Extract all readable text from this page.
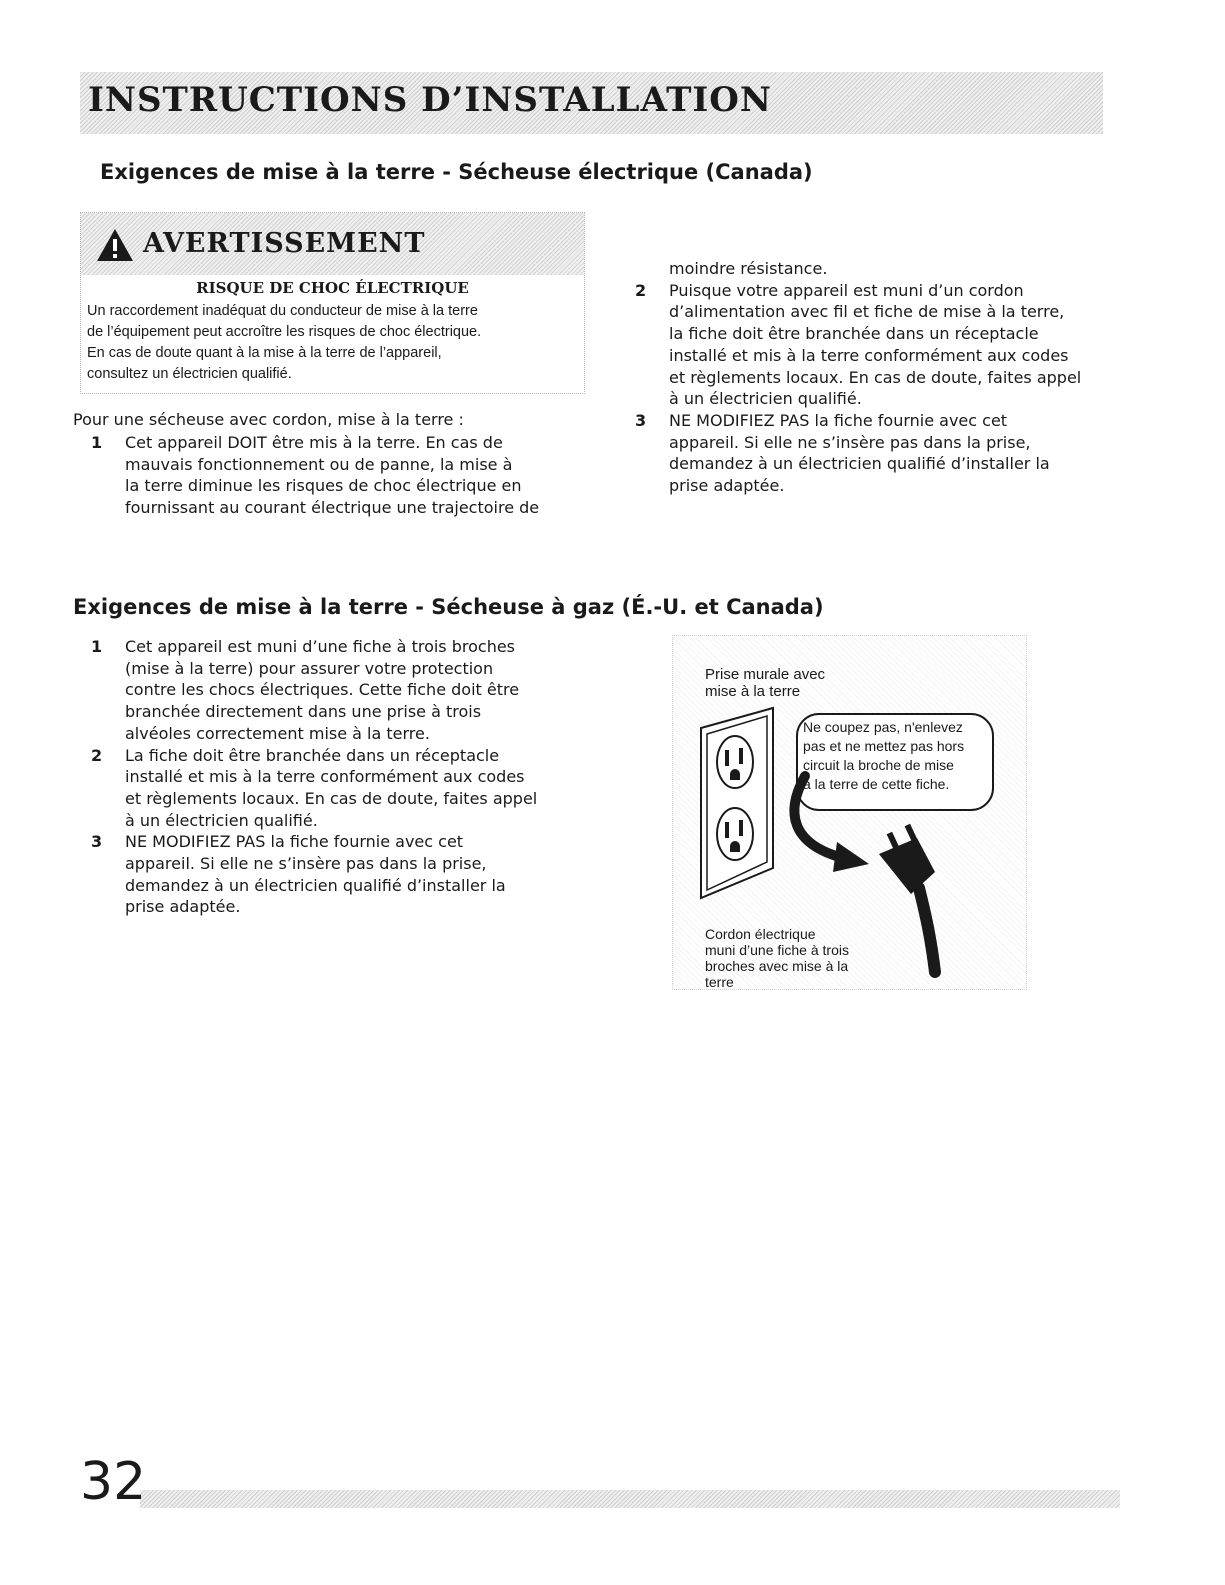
INSTRUCTIONS D’INSTALLATION
Exigences de mise à la terre - Sécheuse électrique (Canada)
AVERTISSEMENT
RISQUE DE CHOC ÉLECTRIQUE

Un raccordement inadéquat du conducteur de mise à la terre
de l’équipement peut accroître les risques de choc électrique.
En cas de doute quant à la mise à la terre de l’appareil,
consultez un électricien qualifié.

Pour une sécheuse avec cordon, mise à la terre :

1 Cet appareil DOIT être mis à la terre. En cas de
mauvais fonctionnement ou de panne, la mise à
la terre diminue les risques de choc électrique en
fournissant au courant électrique une trajectoire de
moindre résistance.
2 Puisque votre appareil est muni d’un cordon
d’alimentation avec fil et fiche de mise à la terre,
la fiche doit être branchée dans un réceptacle
installé et mis à la terre conformément aux codes
et règlements locaux. En cas de doute, faites appel
à un électricien qualifié.
3 NE MODIFIEZ PAS la fiche fournie avec cet
appareil. Si elle ne s’insère pas dans la prise,
demandez à un électricien qualifié d’installer la
prise adaptée.
Exigences de mise à la terre - Sécheuse à gaz (É.-U. et Canada)
1 Cet appareil est muni d’une fiche à trois broches
(mise à la terre) pour assurer votre protection
contre les chocs électriques. Cette fiche doit être
branchée directement dans une prise à trois
alvéoles correctement mise à la terre.
2 La fiche doit être branchée dans un réceptacle
installé et mis à la terre conformément aux codes
et règlements locaux. En cas de doute, faites appel
à un électricien qualifié.
3 NE MODIFIEZ PAS la fiche fournie avec cet
appareil. Si elle ne s’insère pas dans la prise,
demandez à un électricien qualifié d’installer la
prise adaptée.

Prise murale avec
mise à la terre

Ne coupez pas, n'enlevez
pas et ne mettez pas hors
circuit la broche de mise
à la terre de cette fiche.

Cordon électrique
muni d’une fiche à trois
broches avec mise à la terre

32
